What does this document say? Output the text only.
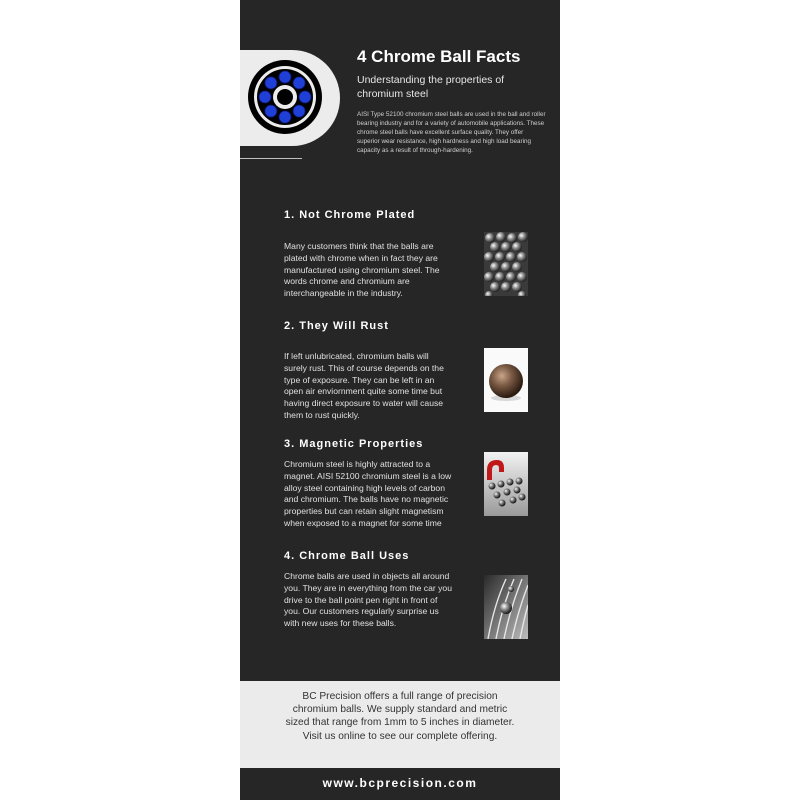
4 Chrome Ball Facts
Understanding the properties of chromium steel
AISI Type 52100 chromium steel balls are used in the ball and roller bearing industry and for a variety of automobile applications. These chrome steel balls have excellent surface quality. They offer superior wear resistance, high hardness and high load bearing capacity as a result of through-hardening.
1. Not Chrome Plated
Many customers think that the balls are plated with chrome when in fact they are manufactured using chromium steel. The words chrome and chromium are interchangeable in the industry.
2. They Will Rust
If left unlubricated, chromium balls will surely rust. This of course depends on the type of exposure. They can be left in an open air enviornment quite some time but having direct exposure to water will cause them to rust quickly.
3. Magnetic Properties
Chromium steel is highly attracted to a magnet. AISI 52100 chromium steel is a low alloy steel containing high levels of carbon and chromium. The balls have no magnetic properties but can retain slight magnetism when exposed to a magnet for some time
4. Chrome Ball Uses
Chrome balls are used in objects all around you. They are in everything from the car you drive to the ball point pen right in front of you. Our customers regularly surprise us with new uses for these balls.
BC Precision offers a full range of precision chromium balls. We supply standard and metric sized that range from 1mm to 5 inches in diameter. Visit us online to see our complete offering.
www.bcprecision.com
